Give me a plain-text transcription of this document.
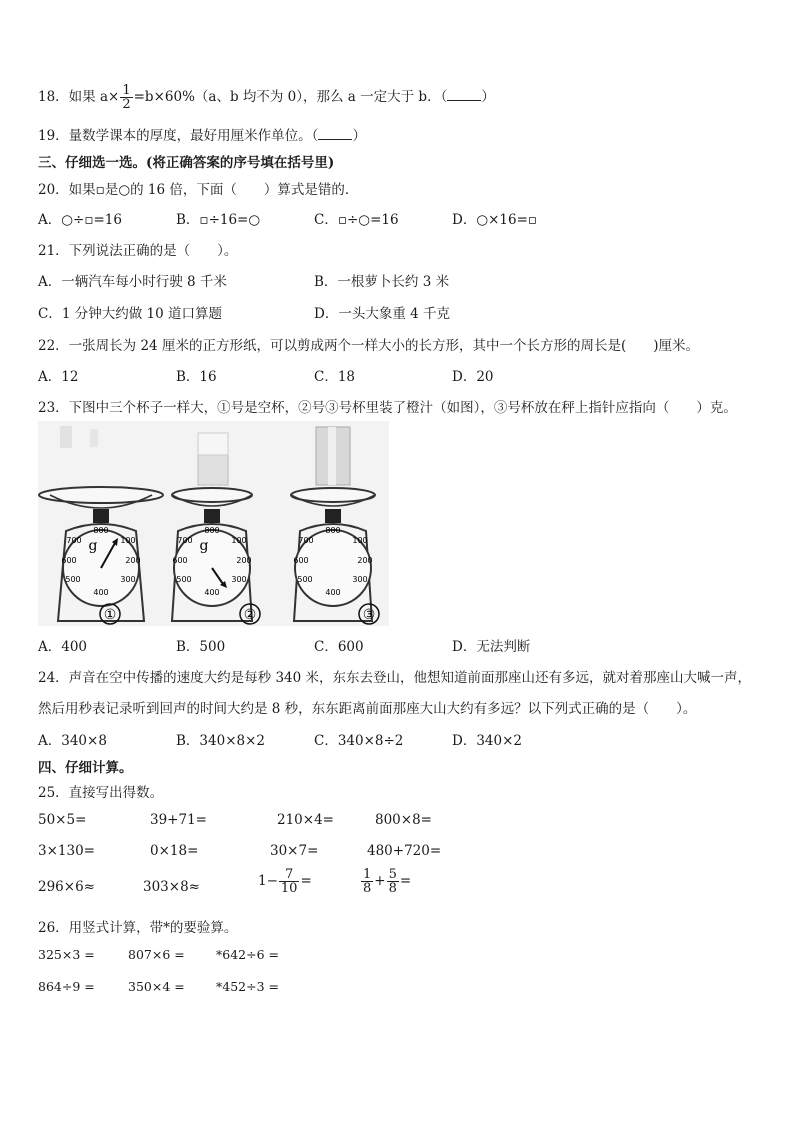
18．如果 $a\times \frac{1}{2} =b\times 60\%(a$、b 均不为 0），那么 a 一定大于 b．（	）
19．量数学课本的厚度，最好用厘米作单位。（	）
三、仔细选一选。(将正确答案的序号填在括号里)
20．如果▫是○的 16 倍，下面（　　）算式是错的．
A．○÷▫=16	B．▫÷16=○	C．▫÷○=16	D．○×16=▫
21．下列说法正确的是（　　）。
A．一辆汽车每小时行驶 8 千米	B．一根萝卜长约 3 米
C．1 分钟大约做 10 道口算题	D．一头大象重 4 千克
22．一张周长为 24 厘米的正方形纸，可以剪成两个一样大小的长方形，其中一个长方形的周长是(　　)厘米。
A．12	B．16	C．18	D．20
23．下图中三个杯子一样大，①号是空杯，②号③号杯里装了橙汁（如图），③号杯放在秤上指针应指向（　　）克。
800
700	100
600	200
500	300
400
g
①
800
700	100
600	200
500	300
400
g
②
800
700	100
600	200
500	300
400
③
A．400	B．500	C．600	D．无法判断
24．声音在空中传播的速度大约是每秒 340 米，东东去登山，他想知道前面那座山还有多远，就对着那座山大喊一声，
然后用秒表记录听到回声的时间大约是 8 秒，东东距离前面那座大山大约有多远？以下列式正确的是（　　）。
A．340×8	B．340×8×2	C．340×8÷2	D．340×2
四、仔细计算。
25．直接写出得数。
50×5=	39+71=	210×4=	800×8=
3×130=	0×18=	30×7=	480+720=
296×6≈	303×8≈	$1- \frac{7}{10}$ =	$\frac{1}{8} + \frac{5}{8}$ =
26．用竖式计算，带*的要验算。
325×3 =	807×6 =	*642÷6 =
864÷9 =	350×4 =	*452÷3 =
